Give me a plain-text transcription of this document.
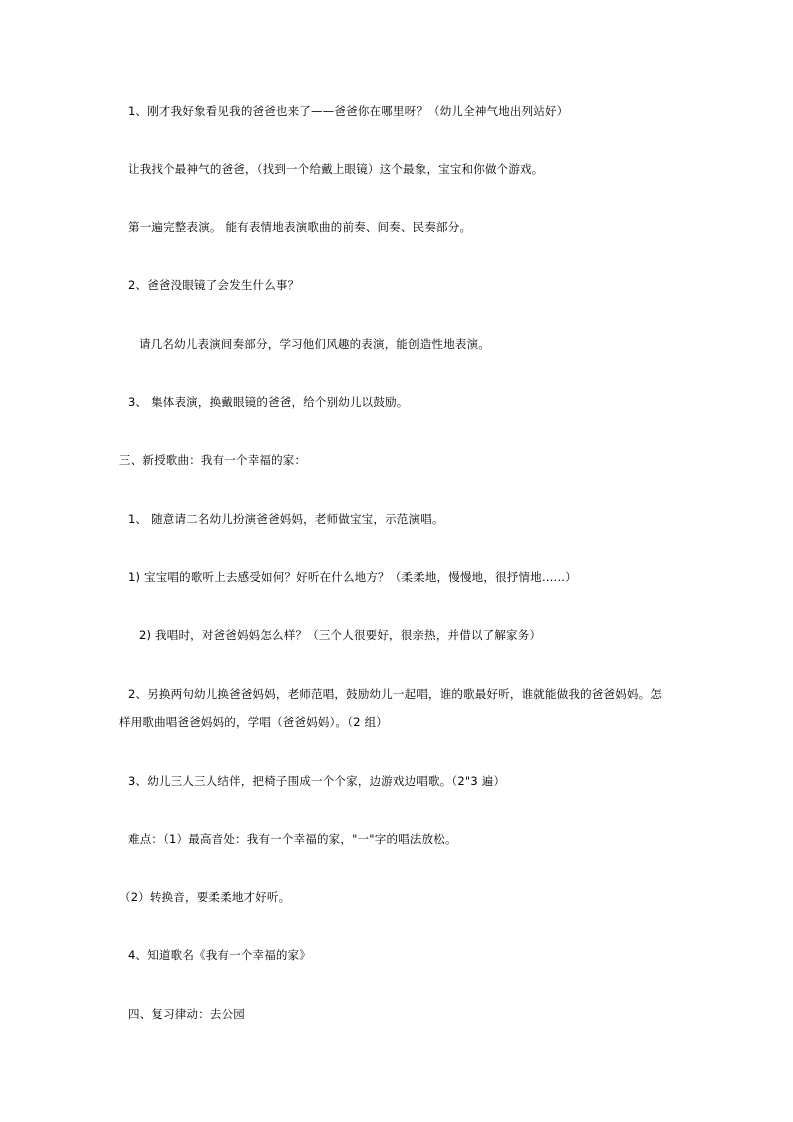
1、刚才我好象看见我的爸爸也来了——爸爸你在哪里呀？（幼儿全神气地出列站好）
让我找个最神气的爸爸，（找到一个给戴上眼镜）这个最象，宝宝和你做个游戏。
第一遍完整表演。 能有表情地表演歌曲的前奏、间奏、民奏部分。
2、爸爸没眼镜了会发生什么事？
请几名幼儿表演间奏部分，学习他们风趣的表演，能创造性地表演。
3、 集体表演，换戴眼镜的爸爸，给个别幼儿以鼓励。
三、新授歌曲：我有一个幸福的家：
1、 随意请二名幼儿扮演爸爸妈妈，老师做宝宝，示范演唱。
1) 宝宝唱的歌听上去感受如何？好听在什么地方？（柔柔地，慢慢地，很抒情地……）
2) 我唱时，对爸爸妈妈怎么样？（三个人很要好，很亲热，并借以了解家务）
2、另换两句幼儿换爸爸妈妈，老师范唱，鼓励幼儿一起唱，谁的歌最好听，谁就能做我的爸爸妈妈。怎
样用歌曲唱爸爸妈妈的，学唱（爸爸妈妈）。（2 组）
3、幼儿三人三人结伴，把椅子围成一个个家，边游戏边唱歌。（2"3 遍）
难点：（1）最高音处：我有一个幸福的家，"一"字的唱法放松。
（2）转换音，要柔柔地才好听。
4、知道歌名《我有一个幸福的家》
四、复习律动：去公园
